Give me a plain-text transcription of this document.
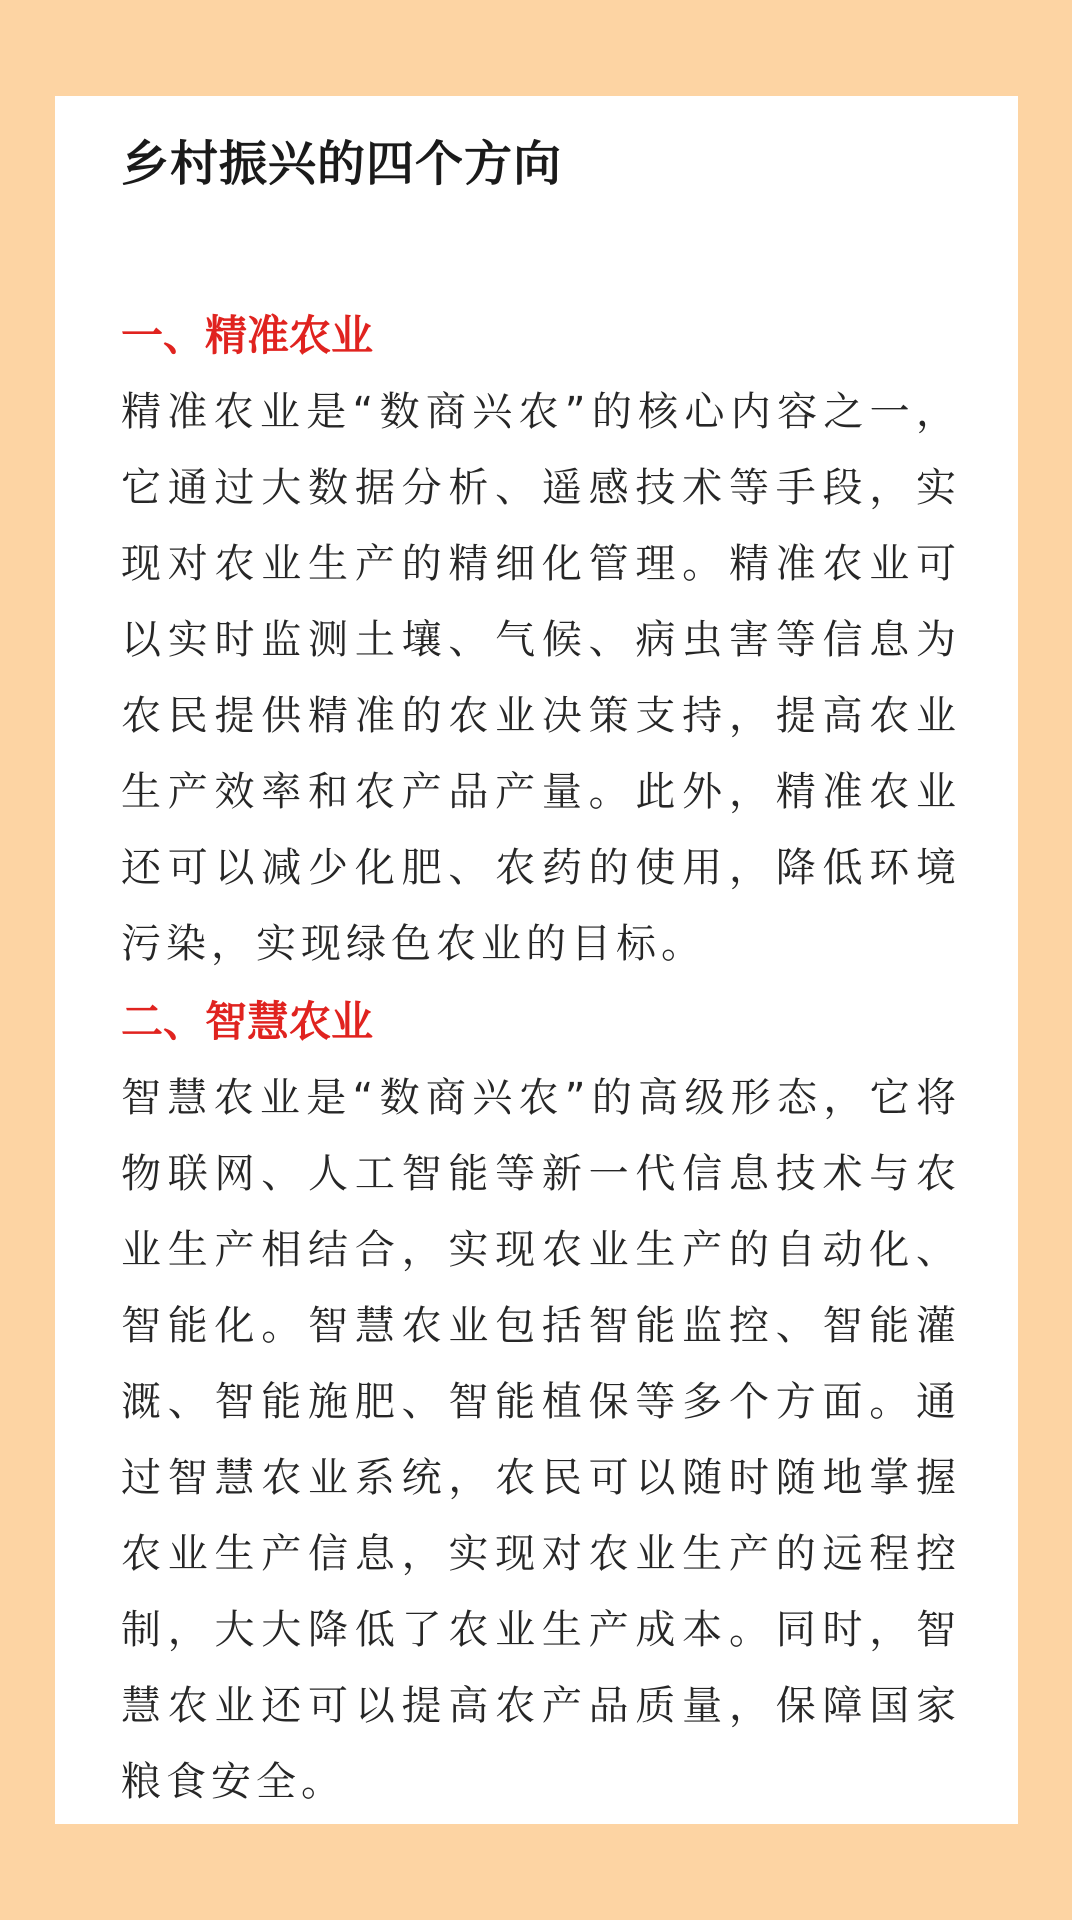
乡村振兴的四个方向
一、精准农业

精准农业是“数商兴农”的核心内容之一，它通过大数据分析、遥感技术等手段，实现对农业生产的精细化管理。精准农业可以实时监测土壤、气候、病虫害等信息为农民提供精准的农业决策支持，提高农业生产效率和农产品产量。此外，精准农业还可以减少化肥、农药的使用，降低环境污染，实现绿色农业的目标。

二、智慧农业

智慧农业是“数商兴农”的高级形态，它将物联网、人工智能等新一代信息技术与农业生产相结合，实现农业生产的自动化、智能化。智慧农业包括智能监控、智能灌溉、智能施肥、智能植保等多个方面。通过智慧农业系统，农民可以随时随地掌握农业生产信息，实现对农业生产的远程控制，大大降低了农业生产成本。同时，智慧农业还可以提高农产品质量，保障国家粮食安全。
